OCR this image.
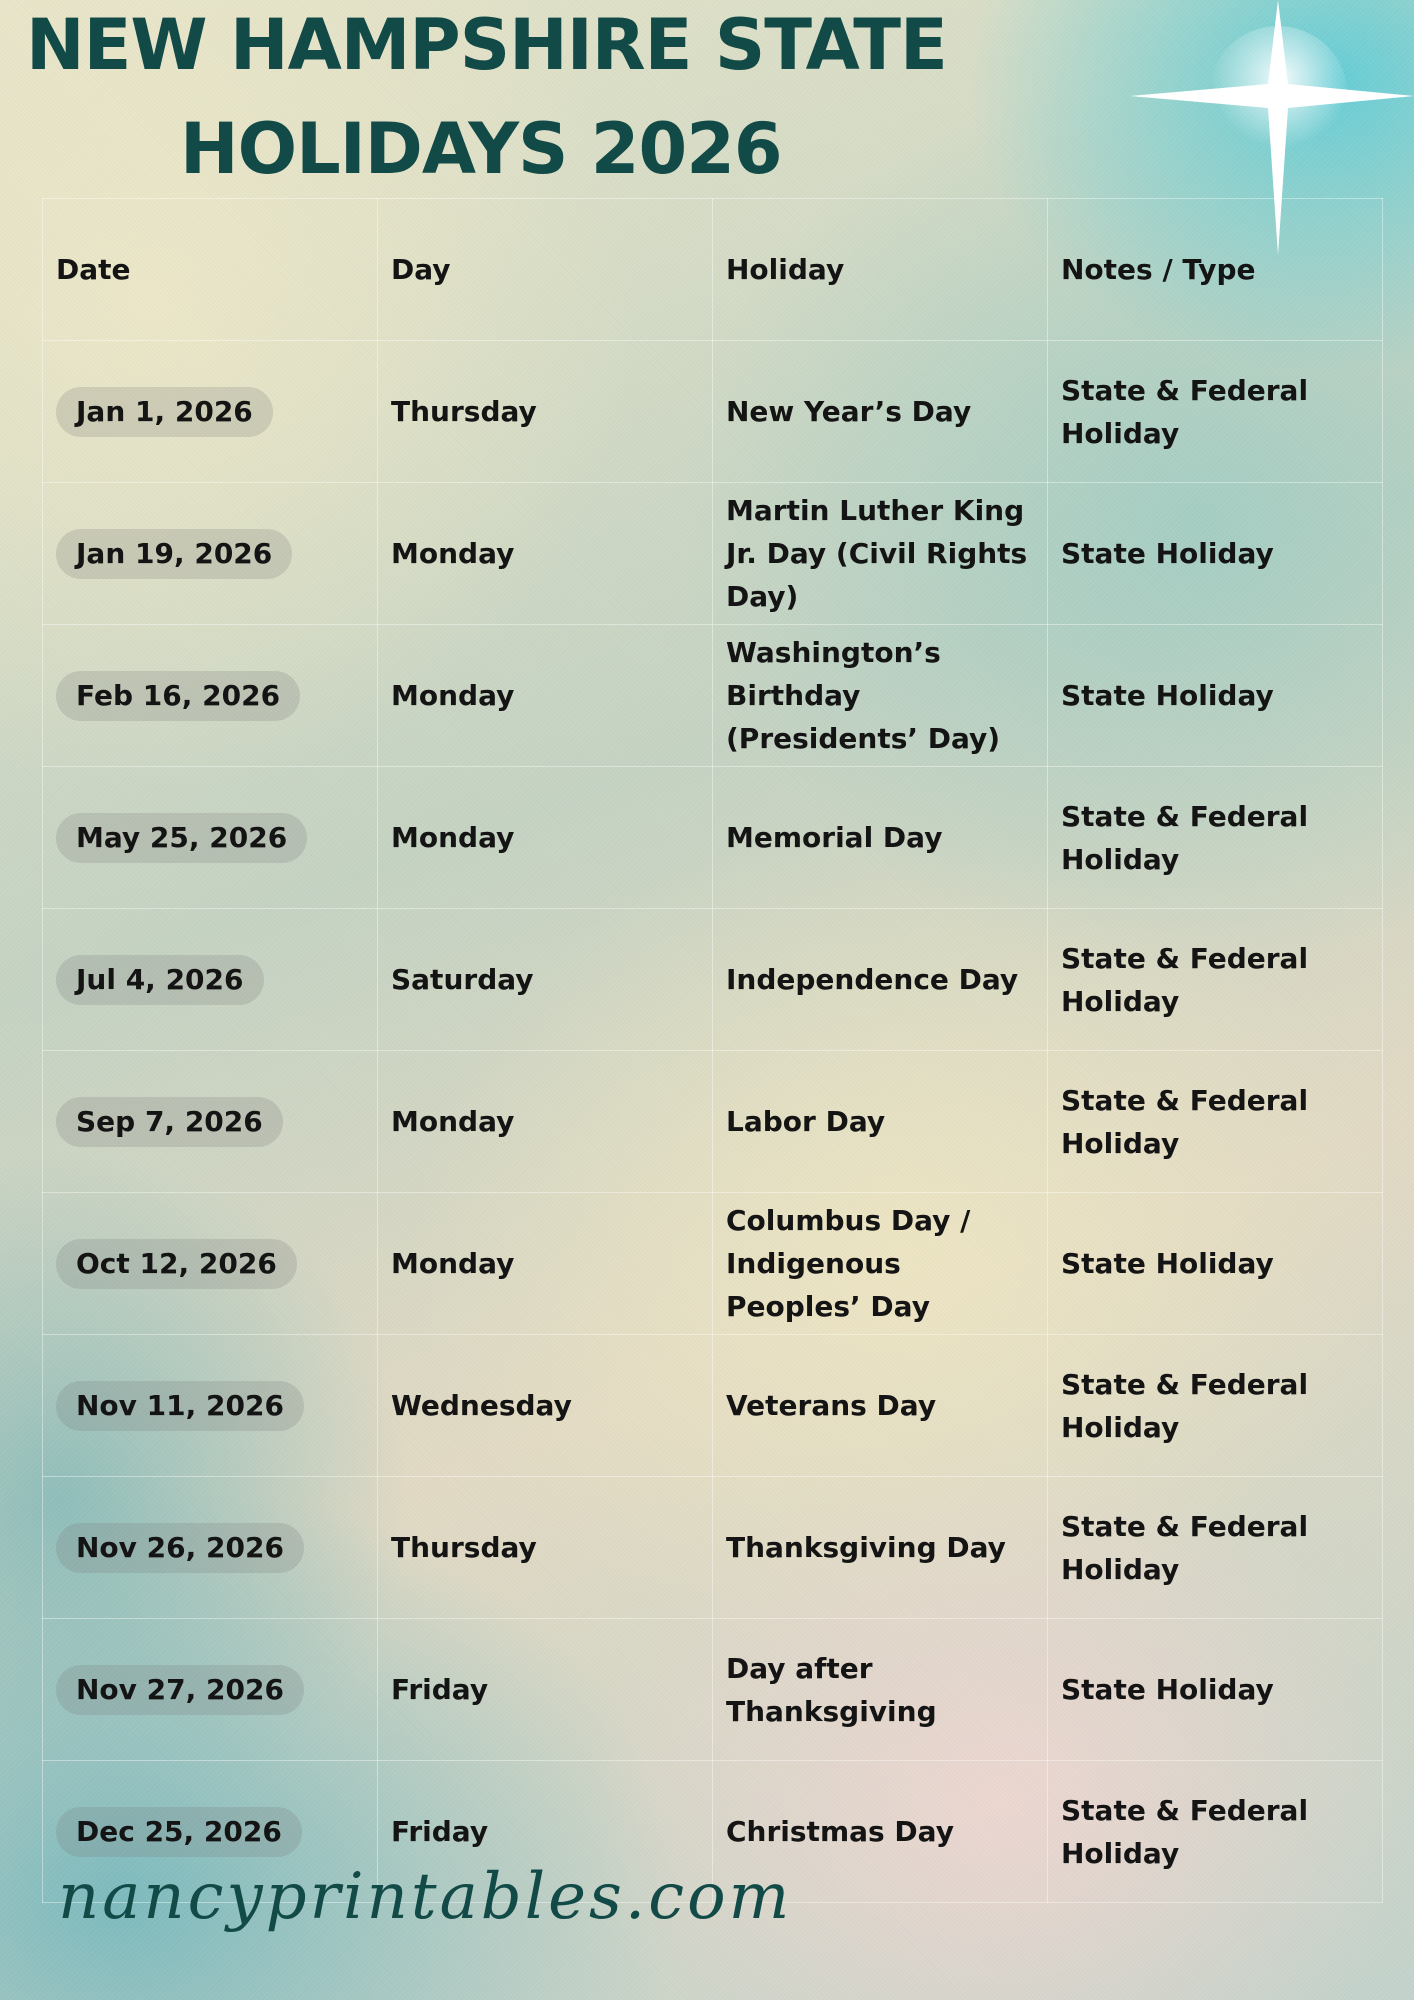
NEW HAMPSHIRE STATE
HOLIDAYS 2026
Date	Day	Holiday	Notes / Type
Jan 1, 2026	Thursday	New Year’s Day	State & Federal Holiday
Jan 19, 2026	Monday	Martin Luther King Jr. Day (Civil Rights Day)	State Holiday
Feb 16, 2026	Monday	Washington’s Birthday (Presidents’ Day)	State Holiday
May 25, 2026	Monday	Memorial Day	State & Federal Holiday
Jul 4, 2026	Saturday	Independence Day	State & Federal Holiday
Sep 7, 2026	Monday	Labor Day	State & Federal Holiday
Oct 12, 2026	Monday	Columbus Day / Indigenous Peoples’ Day	State Holiday
Nov 11, 2026	Wednesday	Veterans Day	State & Federal Holiday
Nov 26, 2026	Thursday	Thanksgiving Day	State & Federal Holiday
Nov 27, 2026	Friday	Day after Thanksgiving	State Holiday
Dec 25, 2026	Friday	Christmas Day	State & Federal Holiday
nancyprintables.com
